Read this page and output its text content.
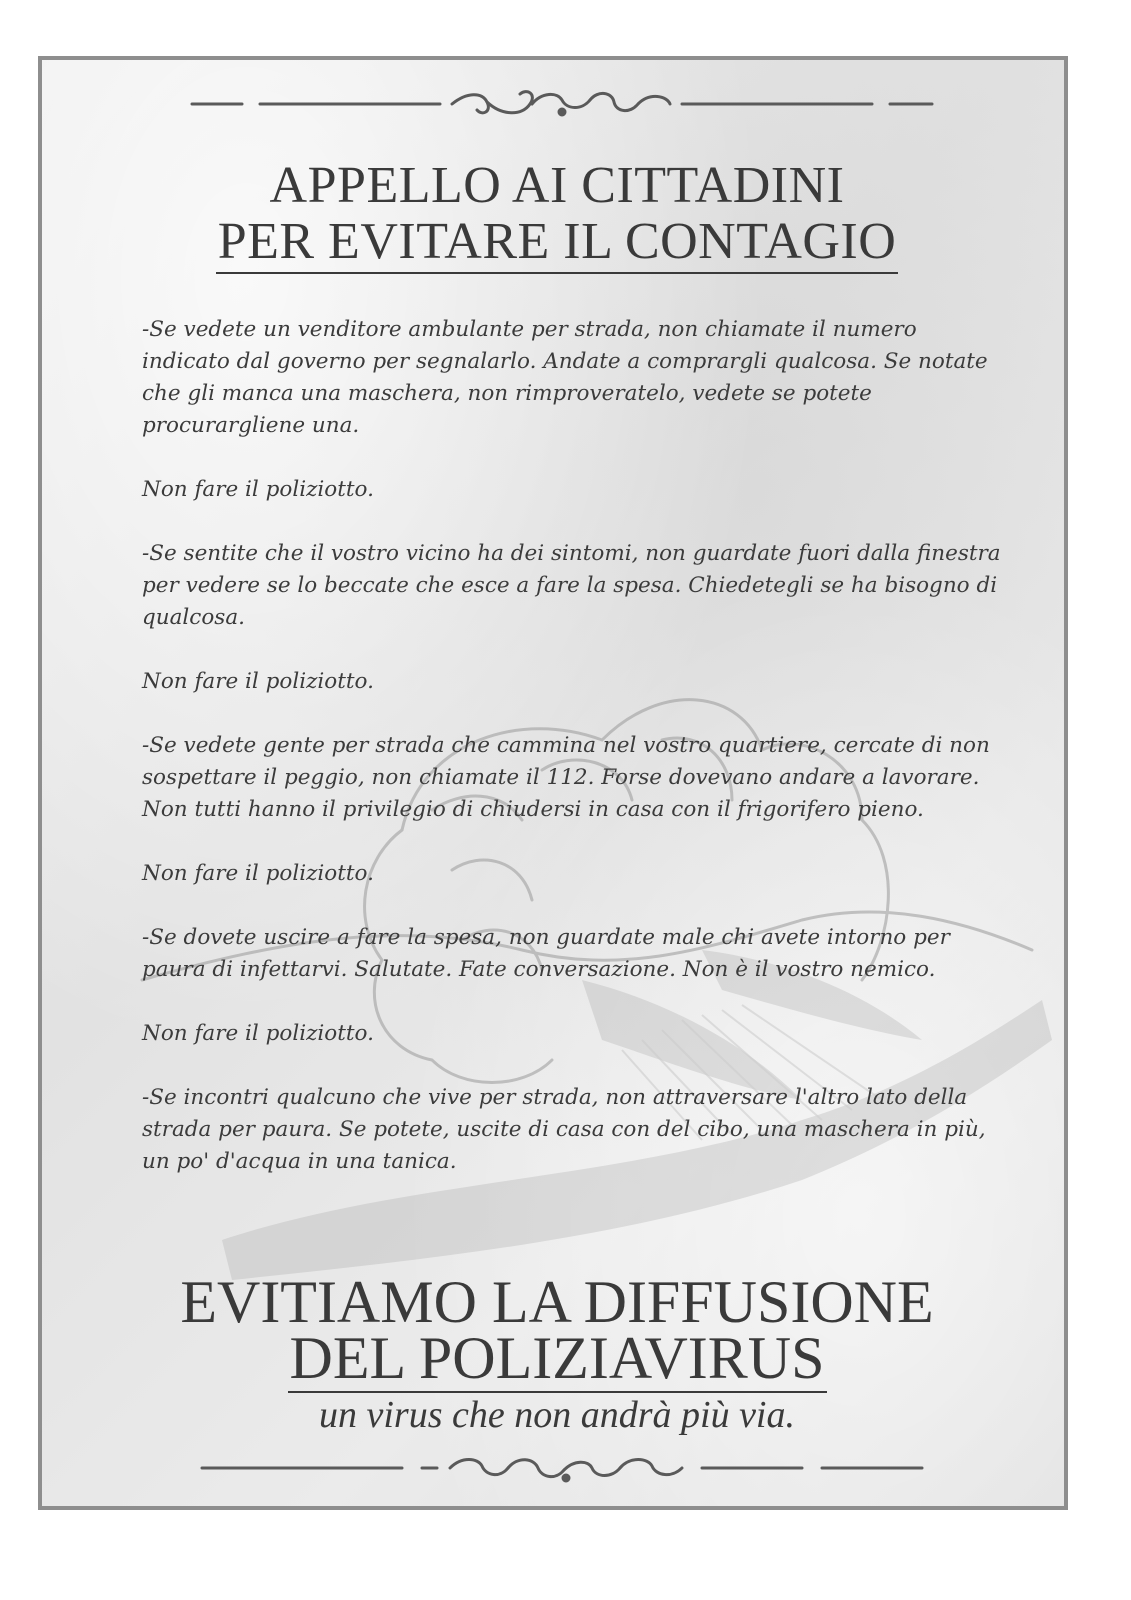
APPELLO AI CITTADINI
PER EVITARE IL CONTAGIO

-Se vedete un venditore ambulante per strada, non chiamate il numero indicato dal governo per segnalarlo. Andate a comprargli qualcosa. Se notate che gli manca una maschera, non rimproveratelo, vedete se potete procurargliene una.

Non fare il poliziotto.

-Se sentite che il vostro vicino ha dei sintomi, non guardate fuori dalla finestra per vedere se lo beccate che esce a fare la spesa. Chiedetegli se ha bisogno di qualcosa.

Non fare il poliziotto.

-Se vedete gente per strada che cammina nel vostro quartiere, cercate di non sospettare il peggio, non chiamate il 112. Forse dovevano andare a lavorare. Non tutti hanno il privilegio di chiudersi in casa con il frigorifero pieno.

Non fare il poliziotto.

-Se dovete uscire a fare la spesa, non guardate male chi avete intorno per paura di infettarvi. Salutate. Fate conversazione. Non è il vostro nemico.

Non fare il poliziotto.

-Se incontri qualcuno che vive per strada, non attraversare l'altro lato della strada per paura. Se potete, uscite di casa con del cibo, una maschera in più, un po' d'acqua in una tanica.

EVITIAMO LA DIFFUSIONE
DEL POLIZIAVIRUS
un virus che non andrà più via.
